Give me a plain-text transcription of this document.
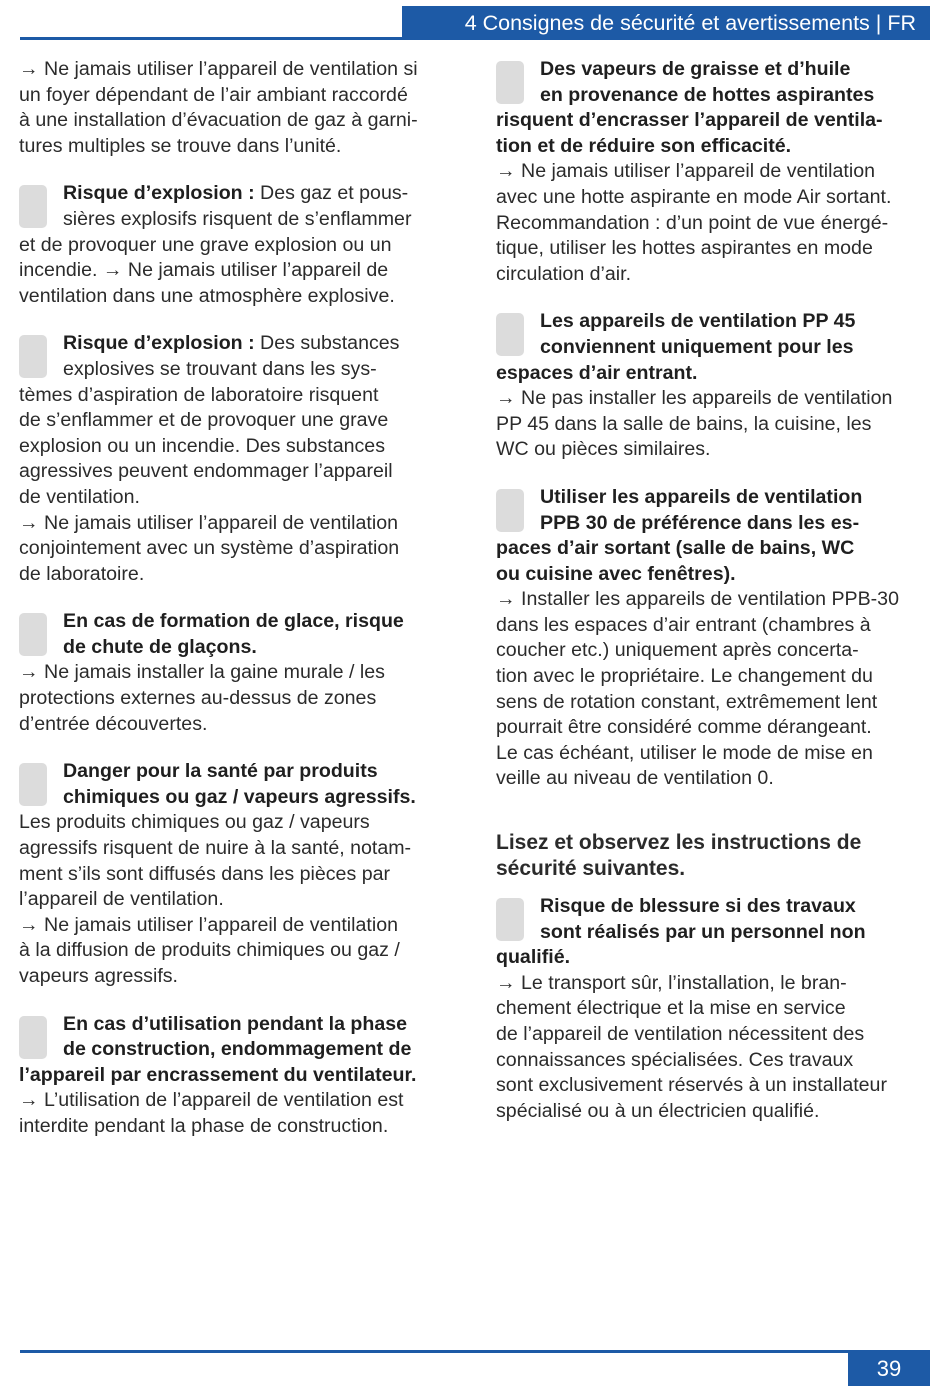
4 Consignes de sécurité et avertissements | FR
→ Ne jamais utiliser l’appareil de ventilation si
un foyer dépendant de l’air ambiant raccordé
à une installation d’évacuation de gaz à garni-
tures multiples se trouve dans l’unité.
Risque d’explosion : Des gaz et pous-
sières explosifs risquent de s’enflammer
et de provoquer une grave explosion ou un
incendie. → Ne jamais utiliser l’appareil de
ventilation dans une atmosphère explosive.
Risque d’explosion : Des substances
explosives se trouvant dans les sys-
tèmes d’aspiration de laboratoire risquent
de s’enflammer et de provoquer une grave
explosion ou un incendie. Des substances
agressives peuvent endommager l’appareil
de ventilation.
→ Ne jamais utiliser l’appareil de ventilation
conjointement avec un système d’aspiration
de laboratoire.
En cas de formation de glace, risque
de chute de glaçons.
→ Ne jamais installer la gaine murale / les
protections externes au-dessus de zones
d’entrée découvertes.
Danger pour la santé par produits
chimiques ou gaz / vapeurs agressifs.
Les produits chimiques ou gaz / vapeurs
agressifs risquent de nuire à la santé, notam-
ment s’ils sont diffusés dans les pièces par
l’appareil de ventilation.
→ Ne jamais utiliser l’appareil de ventilation
à la diffusion de produits chimiques ou gaz /
vapeurs agressifs.
En cas d’utilisation pendant la phase
de construction, endommagement de
l’appareil par encrassement du ventilateur.
→ L’utilisation de l’appareil de ventilation est
interdite pendant la phase de construction.
Des vapeurs de graisse et d’huile
en provenance de hottes aspirantes
risquent d’encrasser l’appareil de ventila-
tion et de réduire son efficacité.
→ Ne jamais utiliser l’appareil de ventilation
avec une hotte aspirante en mode Air sortant.
Recommandation : d’un point de vue énergé-
tique, utiliser les hottes aspirantes en mode
circulation d’air.
Les appareils de ventilation PP 45
conviennent uniquement pour les
espaces d’air entrant.
→ Ne pas installer les appareils de ventilation
PP 45 dans la salle de bains, la cuisine, les
WC ou pièces similaires.
Utiliser les appareils de ventilation
PPB 30 de préférence dans les es-
paces d’air sortant (salle de bains, WC
ou cuisine avec fenêtres).
→ Installer les appareils de ventilation PPB-30
dans les espaces d’air entrant (chambres à
coucher etc.) uniquement après concerta-
tion avec le propriétaire. Le changement du
sens de rotation constant, extrêmement lent
pourrait être considéré comme dérangeant.
Le cas échéant, utiliser le mode de mise en
veille au niveau de ventilation 0.
Lisez et observez les instructions de
sécurité suivantes.
Risque de blessure si des travaux
sont réalisés par un personnel non
qualifié.
→ Le transport sûr, l’installation, le bran-
chement électrique et la mise en service
de l’appareil de ventilation nécessitent des
connaissances spécialisées. Ces travaux
sont exclusivement réservés à un installateur
spécialisé ou à un électricien qualifié.
39
